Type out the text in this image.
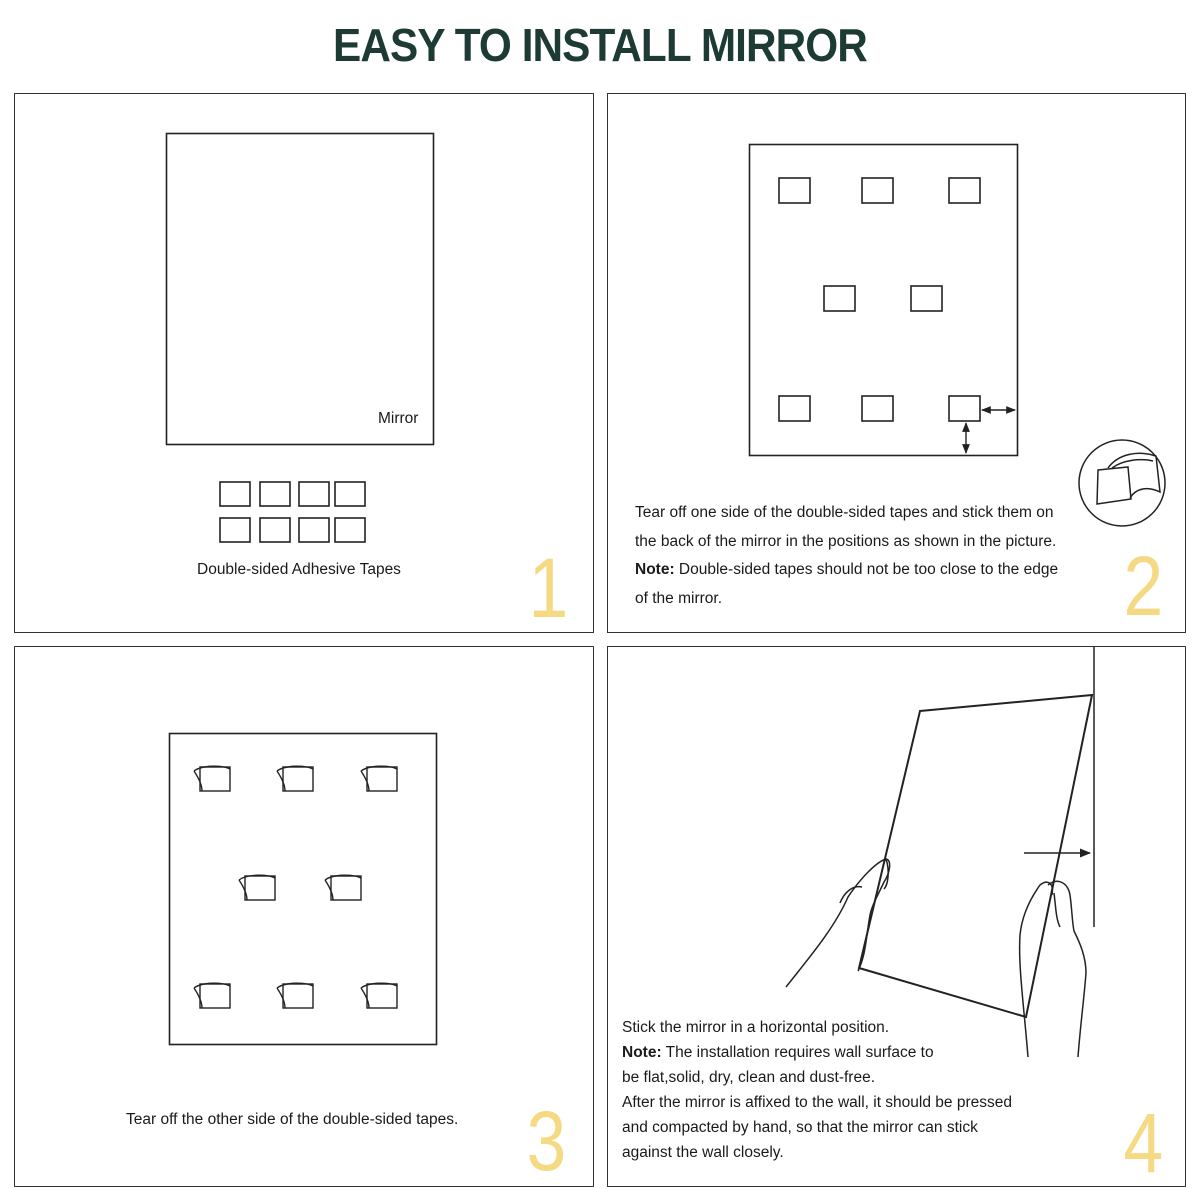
EASY TO INSTALL MIRROR
Mirror
Double-sided Adhesive Tapes 1
Tear off one side of the double-sided tapes and stick them on
the back of the mirror in the positions as shown in the picture.
Note: Double-sided tapes should not be too close to the edge
of the mirror.	2
Tear off the other side of the double-sided tapes. 3
Stick the mirror in a horizontal position.
Note: The installation requires wall surface to
be flat,solid, dry, clean and dust-free.
After the mirror is affixed to the wall, it should be pressed
and compacted by hand, so that the mirror can stick
against the wall closely.	4
